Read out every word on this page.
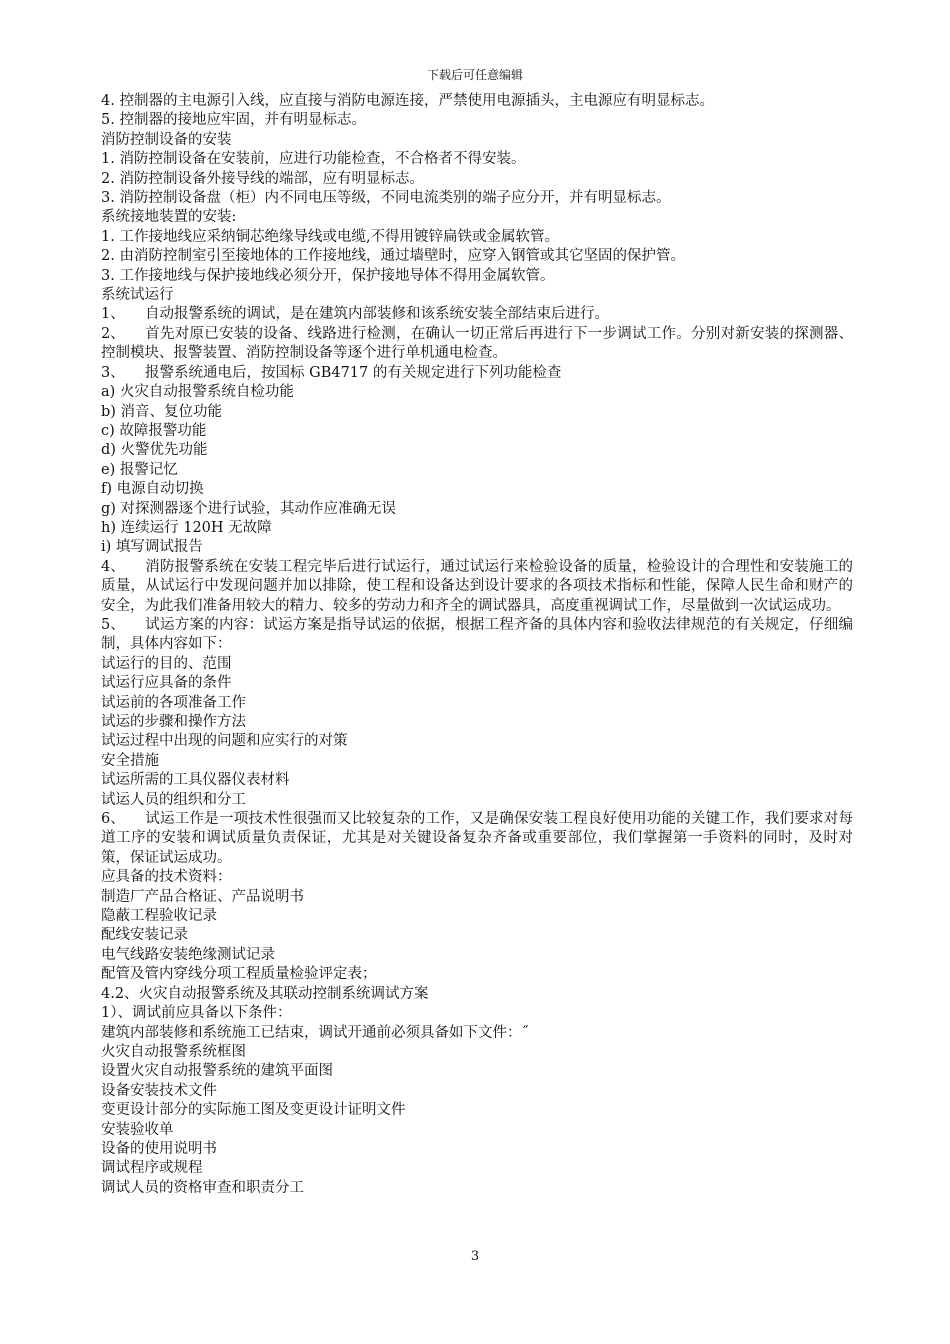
下载后可任意编辑
4. 控制器的主电源引入线，应直接与消防电源连接，严禁使用电源插头，主电源应有明显标志。
5. 控制器的接地应牢固，并有明显标志。
消防控制设备的安装
1. 消防控制设备在安装前，应进行功能检查，不合格者不得安装。
2. 消防控制设备外接导线的端部，应有明显标志。
3. 消防控制设备盘（柜）内不同电压等级，不同电流类别的端子应分开，并有明显标志。
系统接地装置的安装:
1. 工作接地线应采纳铜芯绝缘导线或电缆,不得用镀锌扁铁或金属软管。
2. 由消防控制室引至接地体的工作接地线，通过墙壁时，应穿入钢管或其它坚固的保护管。
3. 工作接地线与保护接地线必须分开，保护接地导体不得用金属软管。
系统试运行
1、 自动报警系统的调试，是在建筑内部装修和该系统安装全部结束后进行。
2、 首先对原已安装的设备、线路进行检测，在确认一切正常后再进行下一步调试工作。分别对新安装的探测器、控制模块、报警装置、消防控制设备等逐个进行单机通电检查。
3、 报警系统通电后，按国标 GB4717 的有关规定进行下列功能检查
a) 火灾自动报警系统自检功能
b) 消音、复位功能
c) 故障报警功能
d) 火警优先功能
e) 报警记忆
f) 电源自动切换
g) 对探测器逐个进行试验，其动作应准确无误
h) 连续运行 120H 无故障
i) 填写调试报告
4、 消防报警系统在安装工程完毕后进行试运行，通过试运行来检验设备的质量，检验设计的合理性和安装施工的质量，从试运行中发现问题并加以排除，使工程和设备达到设计要求的各项技术指标和性能，保障人民生命和财产的安全，为此我们准备用较大的精力、较多的劳动力和齐全的调试器具，高度重视调试工作，尽量做到一次试运成功。
5、 试运方案的内容：试运方案是指导试运的依据，根据工程齐备的具体内容和验收法律规范的有关规定，仔细编制，具体内容如下：
试运行的目的、范围
试运行应具备的条件
试运前的各项准备工作
试运的步骤和操作方法
试运过程中出现的问题和应实行的对策
安全措施
试运所需的工具仪器仪表材料
试运人员的组织和分工
6、 试运工作是一项技术性很强而又比较复杂的工作，又是确保安装工程良好使用功能的关键工作，我们要求对每道工序的安装和调试质量负责保证，尤其是对关键设备复杂齐备或重要部位，我们掌握第一手资料的同时，及时对策，保证试运成功。
应具备的技术资料：
制造厂产品合格证、产品说明书
隐蔽工程验收记录
配线安装记录
电气线路安装绝缘测试记录
配管及管内穿线分项工程质量检验评定表；
4.2、火灾自动报警系统及其联动控制系统调试方案
1）、调试前应具备以下条件：
建筑内部装修和系统施工已结束，调试开通前必须具备如下文件：˝
火灾自动报警系统框图
设置火灾自动报警系统的建筑平面图
设备安装技术文件
变更设计部分的实际施工图及变更设计证明文件
安装验收单
设备的使用说明书
调试程序或规程
调试人员的资格审查和职责分工
3
